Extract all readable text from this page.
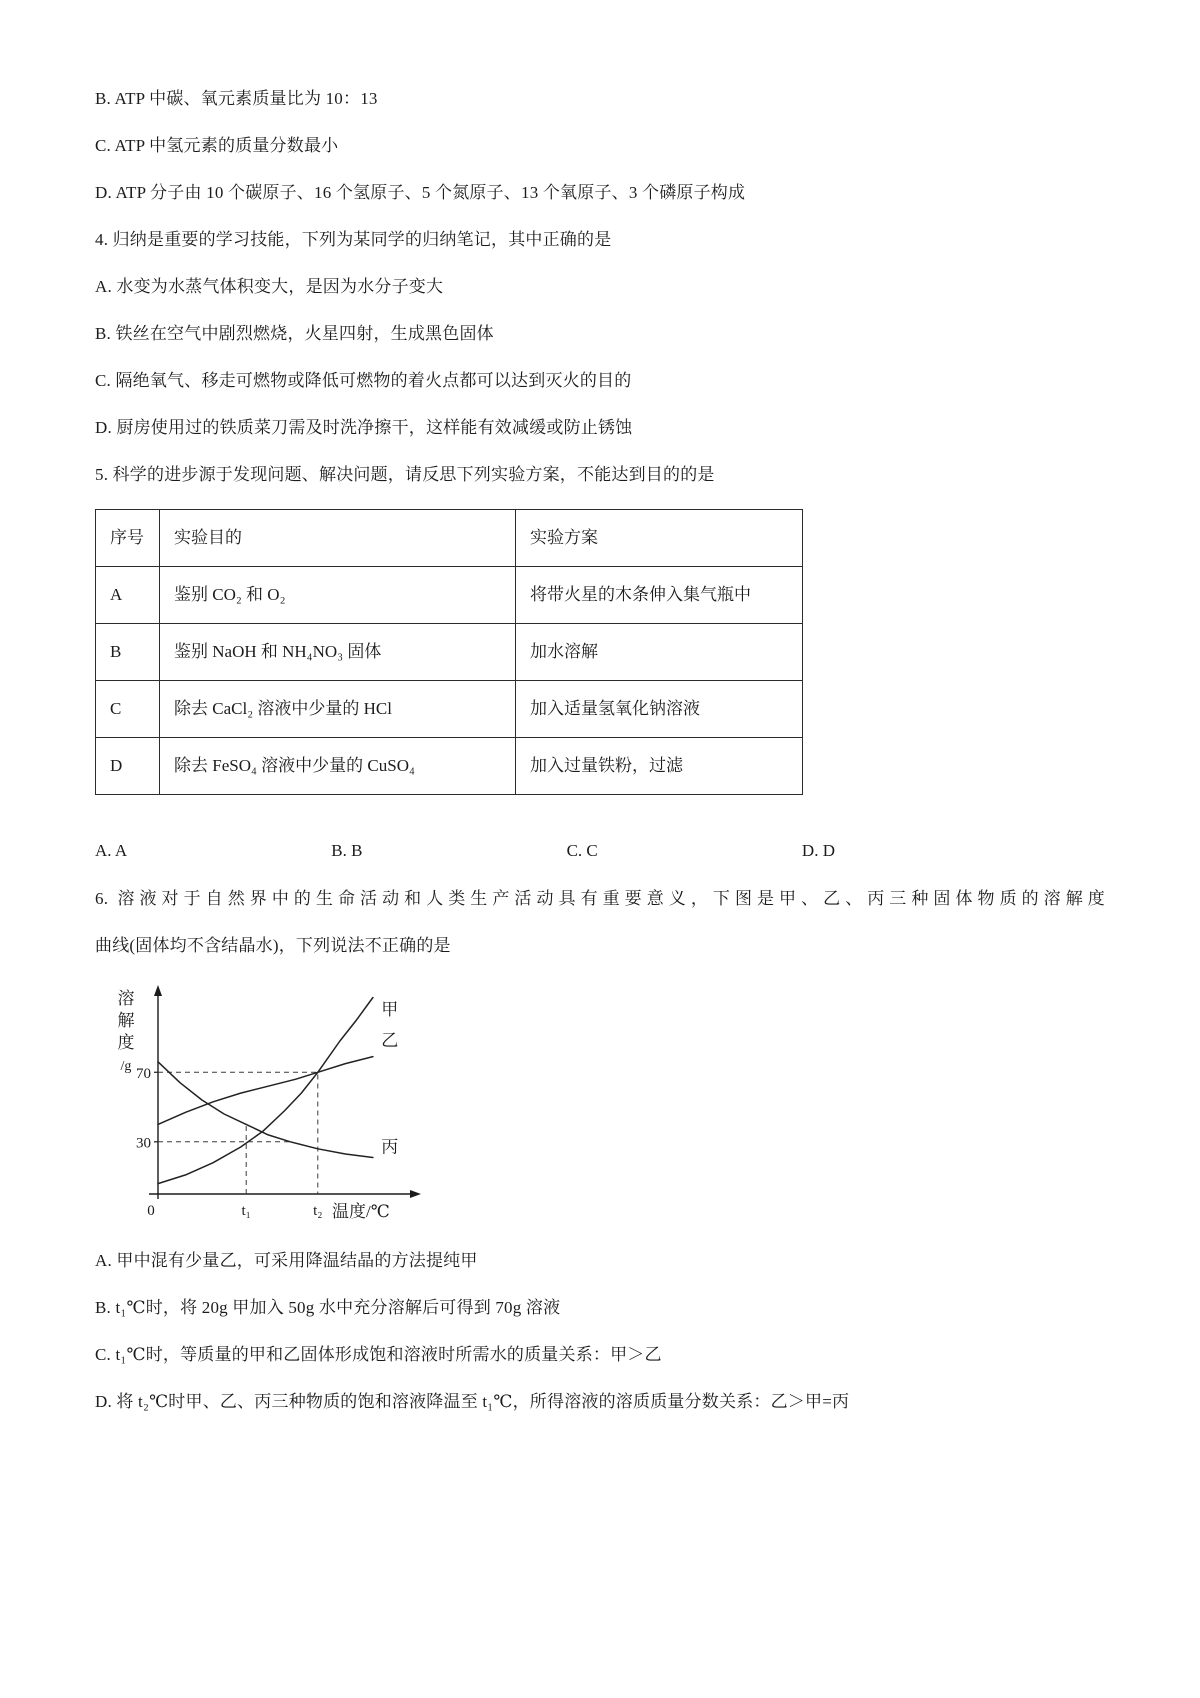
B. ATP 中碳、氧元素质量比为 10：13
C. ATP 中氢元素的质量分数最小
D. ATP 分子由 10 个碳原子、16 个氢原子、5 个氮原子、13 个氧原子、3 个磷原子构成
4. 归纳是重要的学习技能，下列为某同学的归纳笔记，其中正确的是
A. 水变为水蒸气体积变大，是因为水分子变大
B. 铁丝在空气中剧烈燃烧，火星四射，生成黑色固体
C. 隔绝氧气、移走可燃物或降低可燃物的着火点都可以达到灭火的目的
D. 厨房使用过的铁质菜刀需及时洗净擦干，这样能有效减缓或防止锈蚀
5. 科学的进步源于发现问题、解决问题，请反思下列实验方案，不能达到目的的是
序号	实验目的	实验方案
A	鉴别 CO₂ 和 O₂	将带火星的木条伸入集气瓶中
B	鉴别 NaOH 和 NH₄NO₃ 固体	加水溶解
C	除去 CaCl₂ 溶液中少量的 HCl	加入适量氢氧化钠溶液
D	除去 FeSO₄ 溶液中少量的 CuSO₄	加入过量铁粉，过滤
A. A	B. B	C. C	D. D
6. 溶液对于自然界中的生命活动和人类生产活动具有重要意义，下图是甲、乙、丙三种固体物质的溶解度
曲线(固体均不含结晶水)，下列说法不正确的是
甲
乙
丙
70
30
0	t₁	t₂ 温度/℃
溶
解
度
/g
A. 甲中混有少量乙，可采用降温结晶的方法提纯甲
B. t₁℃时，将 20g 甲加入 50g 水中充分溶解后可得到 70g 溶液
C. t₁℃时，等质量的甲和乙固体形成饱和溶液时所需水的质量关系：甲＞乙
D. 将 t₂℃时甲、乙、丙三种物质的饱和溶液降温至 t₁℃，所得溶液的溶质质量分数关系：乙＞甲=丙
